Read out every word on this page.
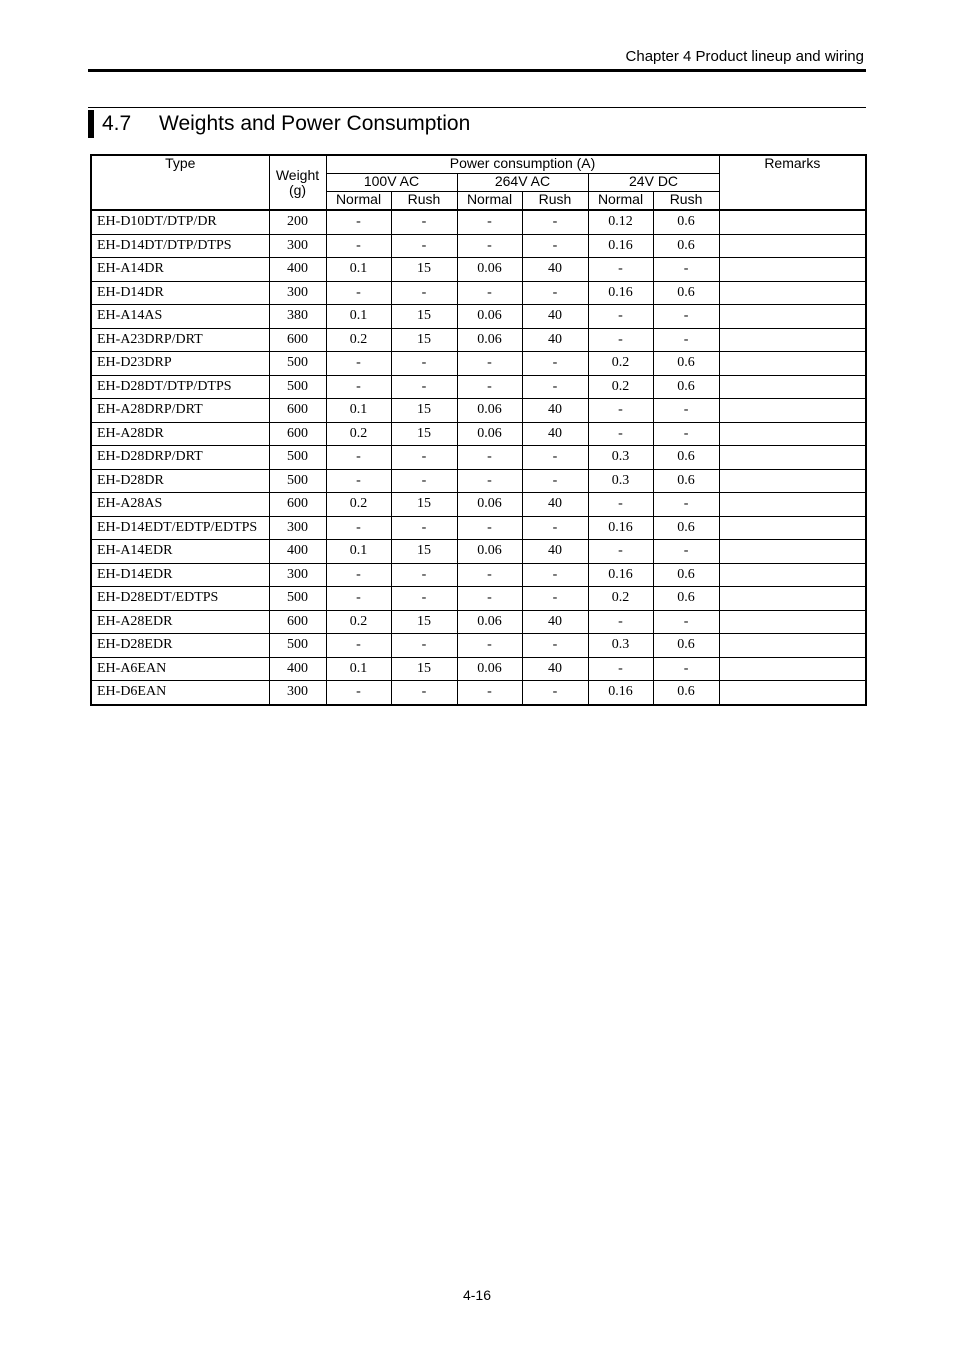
Chapter 4 Product lineup and wiring
4.7	Weights and Power Consumption
Type	Weight
(g)	Power consumption (A)						Remarks
		100V AC		264V AC		24V DC		
		Normal	Rush	Normal	Rush	Normal	Rush	
EH-D10DT/DTP/DR	200	-	-	-	-	0.12	0.6	
EH-D14DT/DTP/DTPS	300	-	-	-	-	0.16	0.6	
EH-A14DR	400	0.1	15	0.06	40	-	-	
EH-D14DR	300	-	-	-	-	0.16	0.6	
EH-A14AS	380	0.1	15	0.06	40	-	-	
EH-A23DRP/DRT	600	0.2	15	0.06	40	-	-	
EH-D23DRP	500	-	-	-	-	0.2	0.6	
EH-D28DT/DTP/DTPS	500	-	-	-	-	0.2	0.6	
EH-A28DRP/DRT	600	0.1	15	0.06	40	-	-	
EH-A28DR	600	0.2	15	0.06	40	-	-	
EH-D28DRP/DRT	500	-	-	-	-	0.3	0.6	
EH-D28DR	500	-	-	-	-	0.3	0.6	
EH-A28AS	600	0.2	15	0.06	40	-	-	
EH-D14EDT/EDTP/EDTPS	300	-	-	-	-	0.16	0.6	
EH-A14EDR	400	0.1	15	0.06	40	-	-	
EH-D14EDR	300	-	-	-	-	0.16	0.6	
EH-D28EDT/EDTPS	500	-	-	-	-	0.2	0.6	
EH-A28EDR	600	0.2	15	0.06	40	-	-	
EH-D28EDR	500	-	-	-	-	0.3	0.6	
EH-A6EAN	400	0.1	15	0.06	40	-	-	
EH-D6EAN	300	-	-	-	-	0.16	0.6	
4-16
